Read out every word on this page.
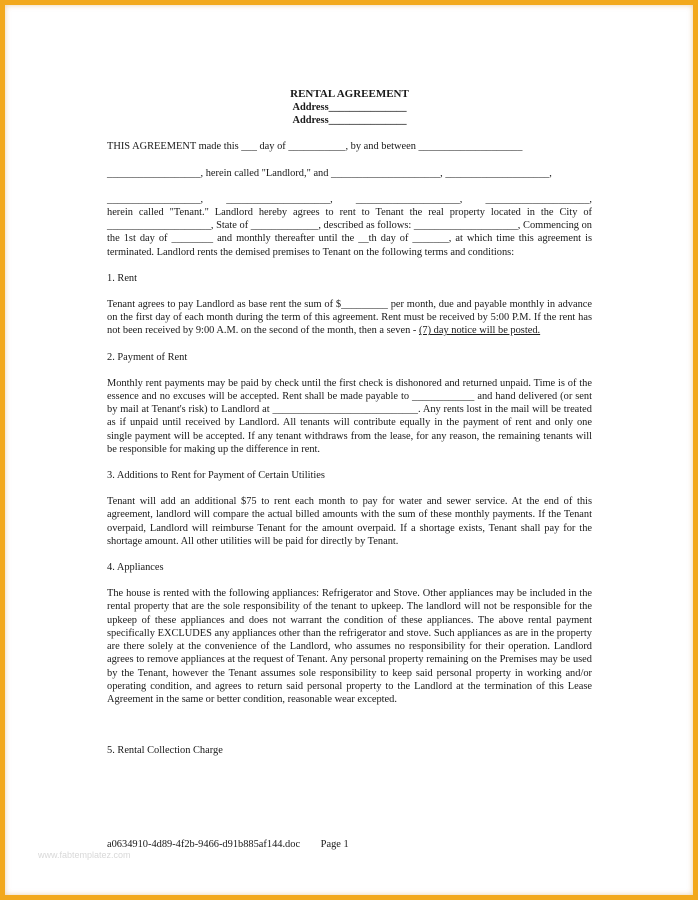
RENTAL AGREEMENT
Address_______________
Address_______________
THIS AGREEMENT made this ___ day of ___________, by and between ____________________
__________________, herein called "Landlord," and _____________________, ____________________,
__________________, ____________________, ____________________, ____________________,
herein called "Tenant." Landlord hereby agrees to rent to Tenant the real property located in the City of ____________________, State of _____________, described as follows: ____________________, Commencing on the 1st day of ________ and monthly thereafter until the __th day of _______, at which time this agreement is terminated. Landlord rents the demised premises to Tenant on the following terms and conditions:
1. Rent
Tenant agrees to pay Landlord as base rent the sum of $_________ per month, due and payable monthly in advance on the first day of each month during the term of this agreement. Rent must be received by 5:00 P.M. If the rent has not been received by 9:00 A.M. on the second of the month, then a seven - (7) day notice will be posted.
2. Payment of Rent
Monthly rent payments may be paid by check until the first check is dishonored and returned unpaid. Time is of the essence and no excuses will be accepted. Rent shall be made payable to ____________ and hand delivered (or sent by mail at Tenant's risk) to Landlord at ____________________________. Any rents lost in the mail will be treated as if unpaid until received by Landlord. All tenants will contribute equally in the payment of rent and only one single payment will be accepted. If any tenant withdraws from the lease, for any reason, the remaining tenants will be responsible for making up the difference in rent.
3. Additions to Rent for Payment of Certain Utilities
Tenant will add an additional $75 to rent each month to pay for water and sewer service. At the end of this agreement, landlord will compare the actual billed amounts with the sum of these monthly payments. If the Tenant overpaid, Landlord will reimburse Tenant for the amount overpaid. If a shortage exists, Tenant shall pay for the shortage amount. All other utilities will be paid for directly by Tenant.
4. Appliances
The house is rented with the following appliances: Refrigerator and Stove. Other appliances may be included in the rental property that are the sole responsibility of the tenant to upkeep. The landlord will not be responsible for the upkeep of these appliances and does not warrant the condition of these appliances. The above rental payment specifically EXCLUDES any appliances other than the refrigerator and stove. Such appliances as are in the property are there solely at the convenience of the Landlord, who assumes no responsibility for their operation. Landlord agrees to remove appliances at the request of Tenant. Any personal property remaining on the Premises may be used by the Tenant, however the Tenant assumes sole responsibility to keep said personal property in working and/or operating condition, and agrees to return said personal property to the Landlord at the termination of this Lease Agreement in the same or better condition, reasonable wear excepted.
5. Rental Collection Charge
a0634910-4d89-4f2b-9466-d91b885af144.doc Page 1
www.fabtemplatez.com
